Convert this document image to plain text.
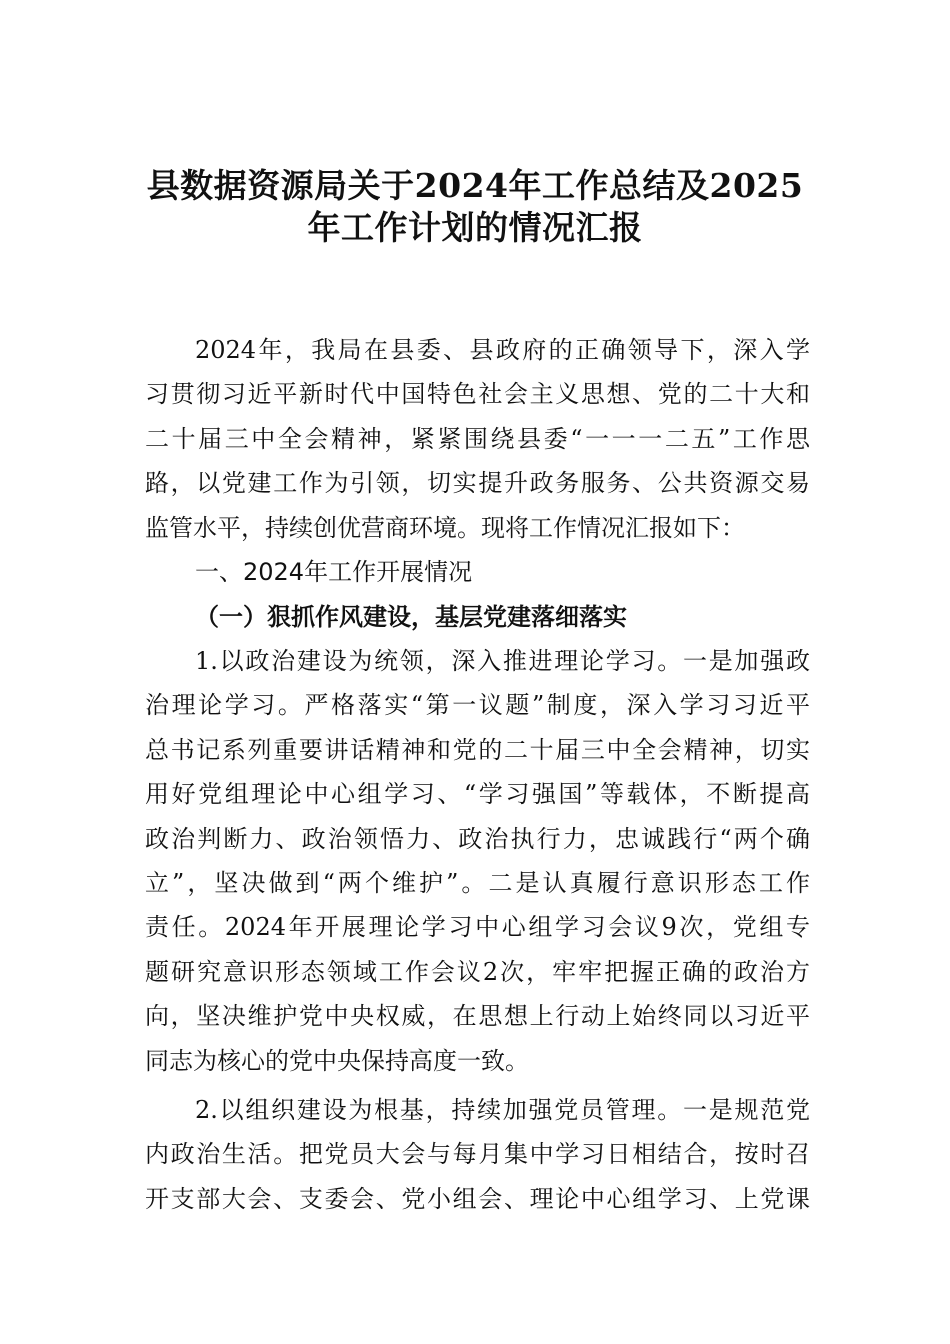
县数据资源局关于2024年工作总结及2025
年工作计划的情况汇报
2024年，我局在县委、县政府的正确领导下，深入学
习贯彻习近平新时代中国特色社会主义思想、党的二十大和
二十届三中全会精神，紧紧围绕县委“一一一二五”工作思
路，以党建工作为引领，切实提升政务服务、公共资源交易
监管水平，持续创优营商环境。现将工作情况汇报如下：
一、2024年工作开展情况
（一）狠抓作风建设，基层党建落细落实
1.以政治建设为统领，深入推进理论学习。一是加强政
治理论学习。严格落实“第一议题”制度，深入学习习近平
总书记系列重要讲话精神和党的二十届三中全会精神，切实
用好党组理论中心组学习、“学习强国”等载体，不断提高
政治判断力、政治领悟力、政治执行力，忠诚践行“两个确
立”，坚决做到“两个维护”。二是认真履行意识形态工作
责任。2024年开展理论学习中心组学习会议9次，党组专
题研究意识形态领域工作会议2次，牢牢把握正确的政治方
向，坚决维护党中央权威，在思想上行动上始终同以习近平
同志为核心的党中央保持高度一致。
2.以组织建设为根基，持续加强党员管理。一是规范党
内政治生活。把党员大会与每月集中学习日相结合，按时召
开支部大会、支委会、党小组会、理论中心组学习、上党课
